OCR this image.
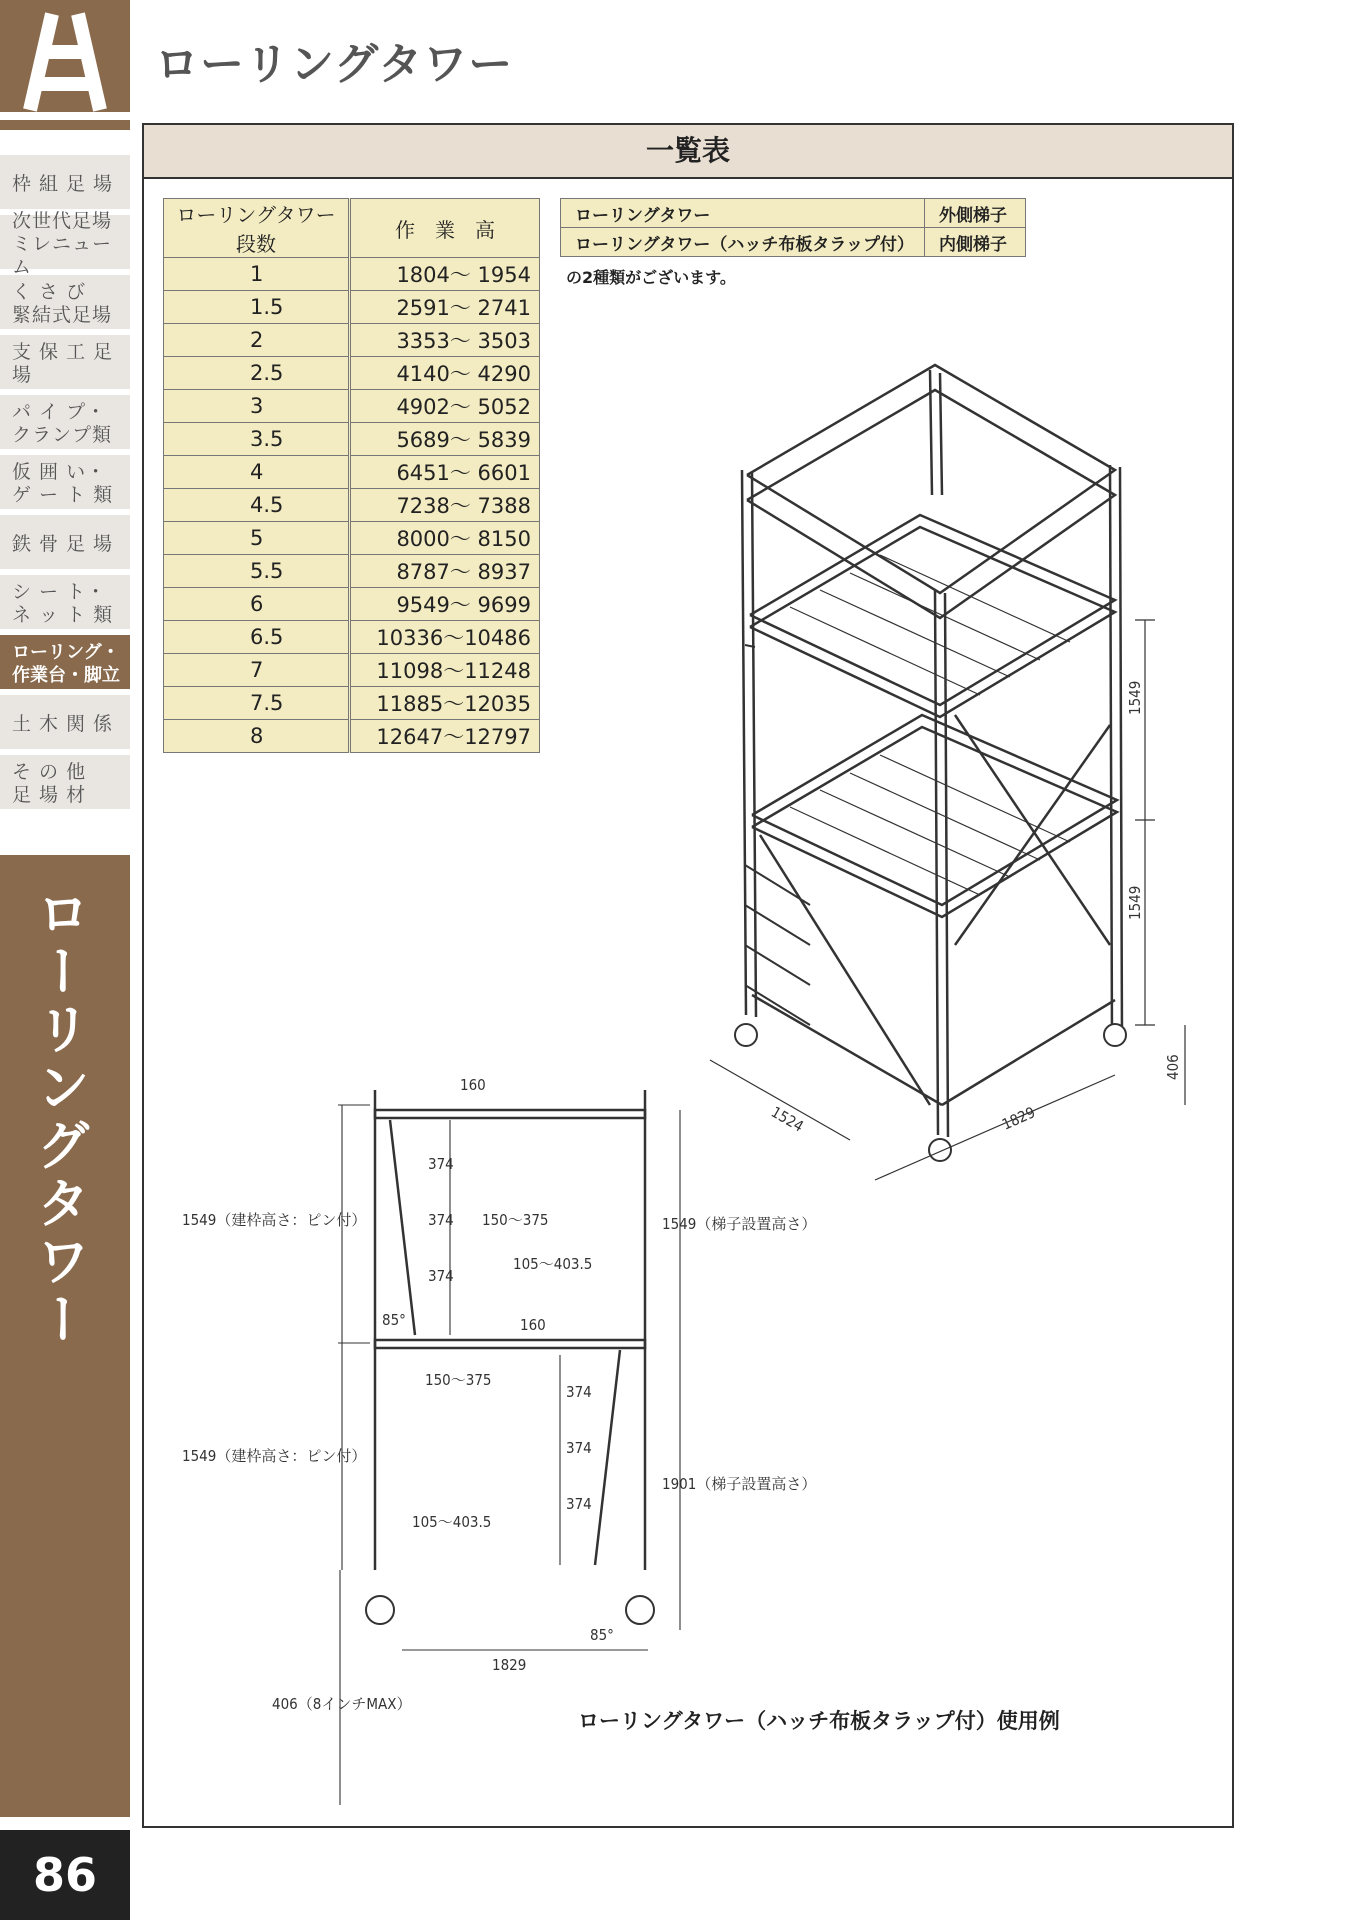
ローリングタワー
枠組足場
次世代足場
ミレニューム
く さ び
緊結式足場
支保工足場
パ イ プ・
クランプ類
仮 囲 い・
ゲ ー ト 類
鉄骨足場
シ ー ト・
ネ ッ ト 類
ローリング・
作業台・脚立
土木関係
そ の 他
足 場 材
ローリングタワー
86
一覧表
ローリングタワー段数	作　業　高
1	1804～ 1954
1.5	2591～ 2741
2	3353～ 3503
2.5	4140～ 4290
3	4902～ 5052
3.5	5689～ 5839
4	6451～ 6601
4.5	7238～ 7388
5	8000～ 8150
5.5	8787～ 8937
6	9549～ 9699
6.5	10336～10486
7	11098～11248
7.5	11885～12035
8	12647～12797
ローリングタワー	外側梯子
ローリングタワー（ハッチ布板タラップ付）	内側梯子
の2種類がございます。
1549
1549
406
1524	1829
160
160
374
374
374
374
374
374
1549（建枠高さ：ピン付）
1549（建枠高さ：ピン付）
1549（梯子設置高さ）
1901（梯子設置高さ）
150～375
150～375
105～403.5
105～403.5
85°
85°
1829
406（8インチMAX）
ローリングタワー（ハッチ布板タラップ付）使用例
